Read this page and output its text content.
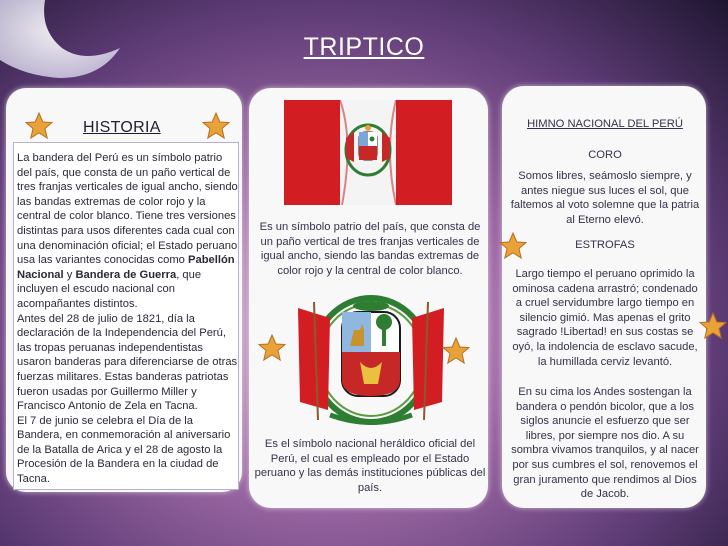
TRIPTICO
HISTORIA

La bandera del Perú es un símbolo patrio del país, que consta de un paño vertical de tres franjas verticales de igual ancho, siendo las bandas extremas de color rojo y la central de color blanco. Tiene tres versiones distintas para usos diferentes cada cual con una denominación oficial; el Estado peruano usa las variantes conocidas como Pabellón Nacional y Bandera de Guerra, que incluyen el escudo nacional con acompañantes distintos.

Antes del 28 de julio de 1821, día la declaración de la Independencia del Perú, las tropas peruanas independentistas usaron banderas para diferenciarse de otras fuerzas militares. Estas banderas patriotas fueron usadas por Guillermo Miller y Francisco Antonio de Zela en Tacna.

El 7 de junio se celebra el Día de la Bandera, en conmemoración al aniversario de la Batalla de Arica y el 28 de agosto la Procesión de la Bandera en la ciudad de Tacna.

Es un símbolo patrio del país, que consta de un paño vertical de tres franjas verticales de igual ancho, siendo las bandas extremas de color rojo y la central de color blanco.
Es el símbolo nacional heráldico oficial del Perú, el cual es empleado por el Estado peruano y las demás instituciones públicas del país.
HIMNO NACIONAL DEL PERÚ
CORO
Somos libres, seámoslo siempre, y antes niegue sus luces el sol, que faltemos al voto solemne que la patria al Eterno elevó.
ESTROFAS
Largo tiempo el peruano oprimido la ominosa cadena arrastró; condenado a cruel servidumbre largo tiempo en silencio gimió. Mas apenas el grito sagrado !Libertad! en sus costas se oyó, la indolencia de esclavo sacude, la humillada cerviz levantó.
En su cima los Andes sostengan la bandera o pendón bicolor, que a los siglos anuncie el esfuerzo que ser libres, por siempre nos dio. A su sombra vivamos tranquilos, y al nacer por sus cumbres el sol, renovemos el gran juramento que rendimos al Dios de Jacob.
